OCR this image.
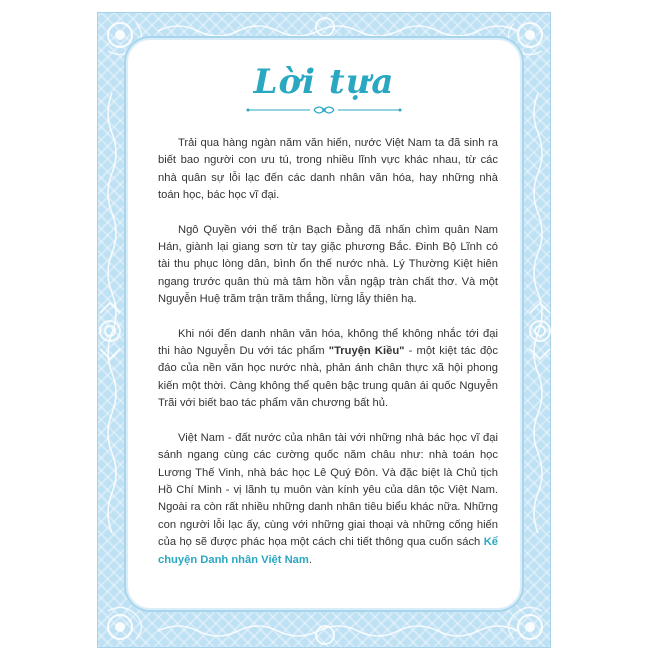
Lời tựa

Trải qua hàng ngàn năm văn hiến, nước Việt Nam ta đã sinh ra biết bao người con ưu tú, trong nhiều lĩnh vực khác nhau, từ các nhà quân sự lỗi lạc đến các danh nhân văn hóa, hay những nhà toán học, bác học vĩ đại.

Ngô Quyền với thế trận Bạch Đằng đã nhấn chìm quân Nam Hán, giành lại giang sơn từ tay giặc phương Bắc. Đinh Bộ Lĩnh có tài thu phục lòng dân, bình ổn thế nước nhà. Lý Thường Kiệt hiên ngang trước quân thù mà tâm hồn vẫn ngập tràn chất thơ. Và một Nguyễn Huệ trăm trận trăm thắng, lừng lẫy thiên hạ.

Khi nói đến danh nhân văn hóa, không thể không nhắc tới đại thi hào Nguyễn Du với tác phẩm "Truyện Kiều" - một kiệt tác độc đáo của nền văn học nước nhà, phản ánh chân thực xã hội phong kiến một thời. Càng không thể quên bậc trung quân ái quốc Nguyễn Trãi với biết bao tác phẩm văn chương bất hủ.

Việt Nam - đất nước của nhân tài với những nhà bác học vĩ đại sánh ngang cùng các cường quốc năm châu như: nhà toán học Lương Thế Vinh, nhà bác học Lê Quý Đôn. Và đặc biệt là Chủ tịch Hồ Chí Minh - vị lãnh tụ muôn vàn kính yêu của dân tộc Việt Nam. Ngoài ra còn rất nhiều những danh nhân tiêu biểu khác nữa. Những con người lỗi lạc ấy, cùng với những giai thoại và những cống hiến của họ sẽ được phác họa một cách chi tiết thông qua cuốn sách Kể chuyện Danh nhân Việt Nam.
